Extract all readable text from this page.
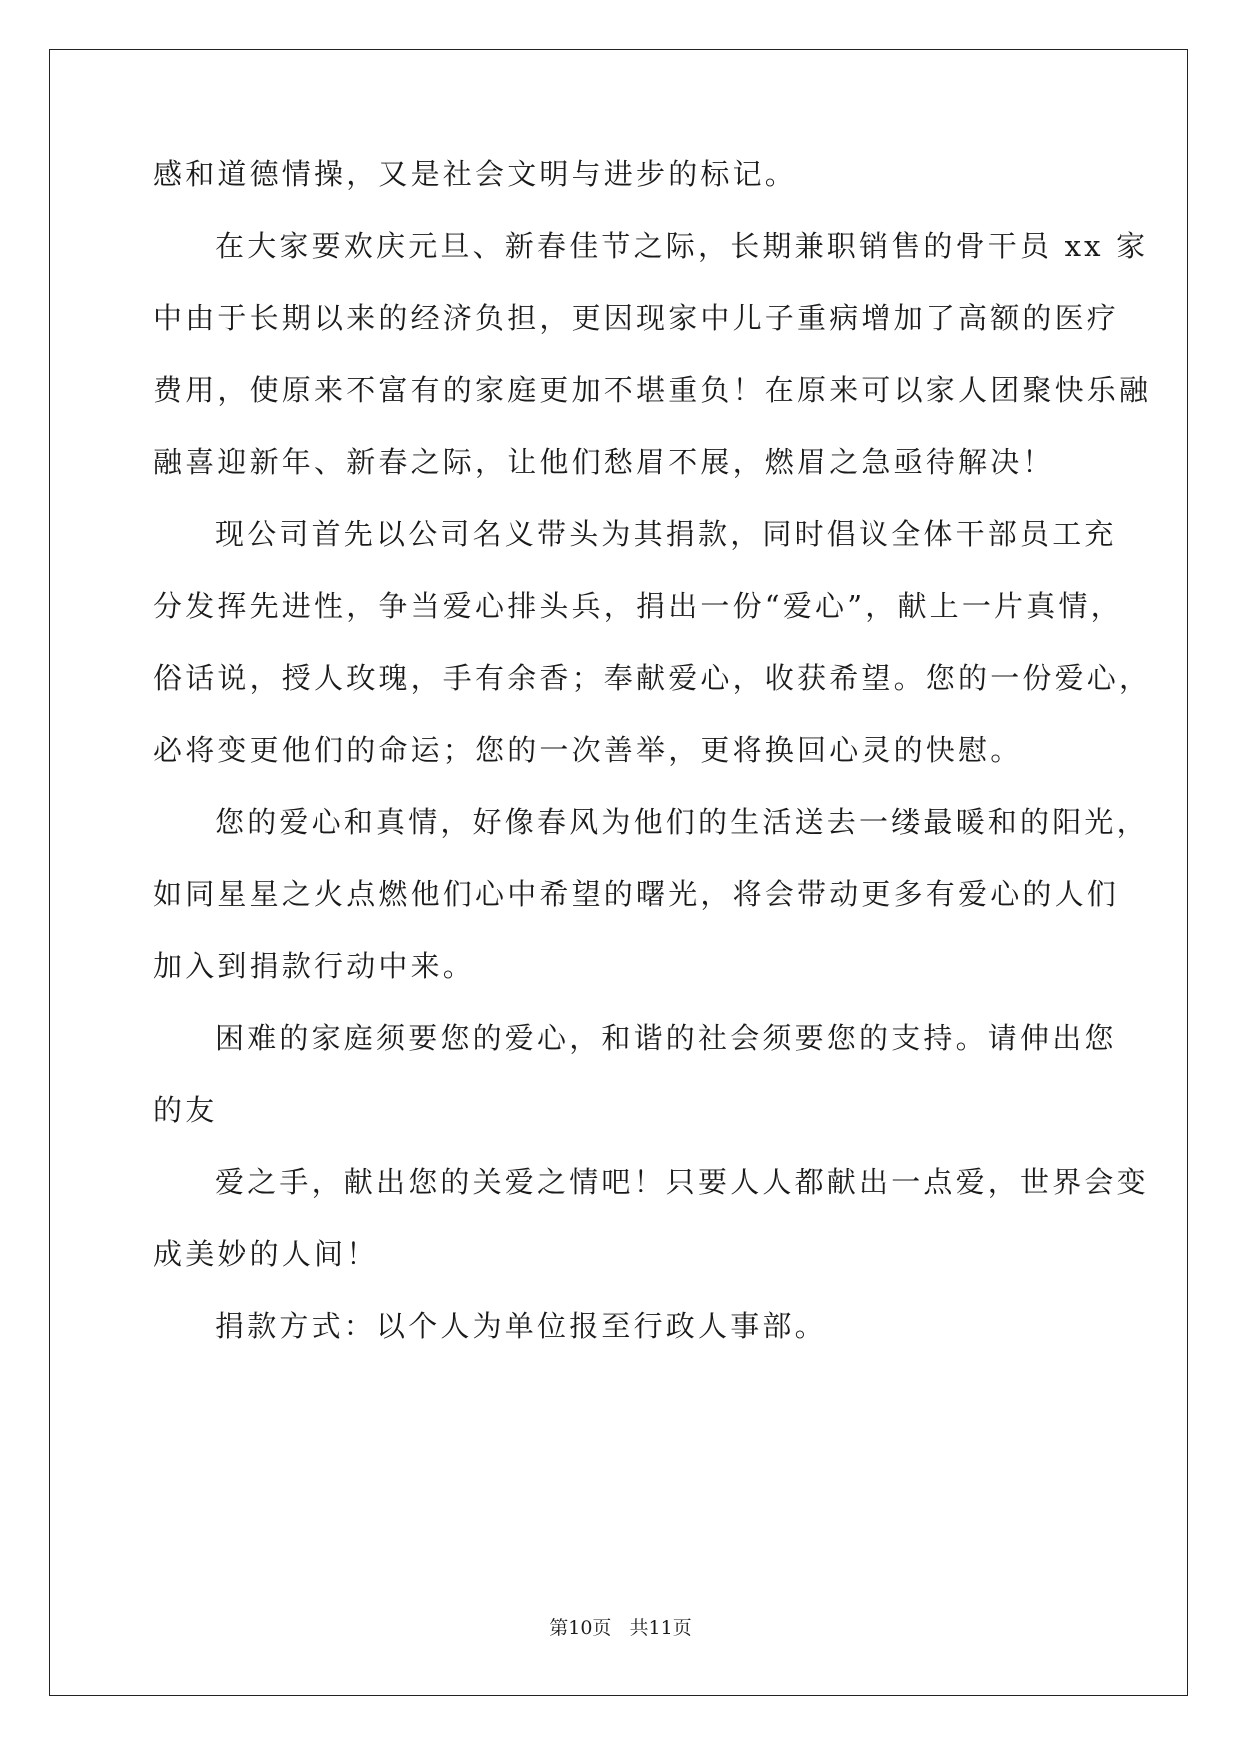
感和道德情操，又是社会文明与进步的标记。

在大家要欢庆元旦、新春佳节之际，长期兼职销售的骨干员 xx 家

中由于长期以来的经济负担，更因现家中儿子重病增加了高额的医疗

费用，使原来不富有的家庭更加不堪重负！在原来可以家人团聚快乐融

融喜迎新年、新春之际，让他们愁眉不展，燃眉之急亟待解决！

现公司首先以公司名义带头为其捐款，同时倡议全体干部员工充

分发挥先进性，争当爱心排头兵，捐出一份“爱心”，献上一片真情，

俗话说，授人玫瑰，手有余香；奉献爱心，收获希望。您的一份爱心，

必将变更他们的命运；您的一次善举，更将换回心灵的快慰。

您的爱心和真情，好像春风为他们的生活送去一缕最暖和的阳光，

如同星星之火点燃他们心中希望的曙光，将会带动更多有爱心的人们

加入到捐款行动中来。

困难的家庭须要您的爱心，和谐的社会须要您的支持。请伸出您

的友

爱之手，献出您的关爱之情吧！只要人人都献出一点爱，世界会变

成美妙的人间！

捐款方式：以个人为单位报至行政人事部。

第10页   共11页
